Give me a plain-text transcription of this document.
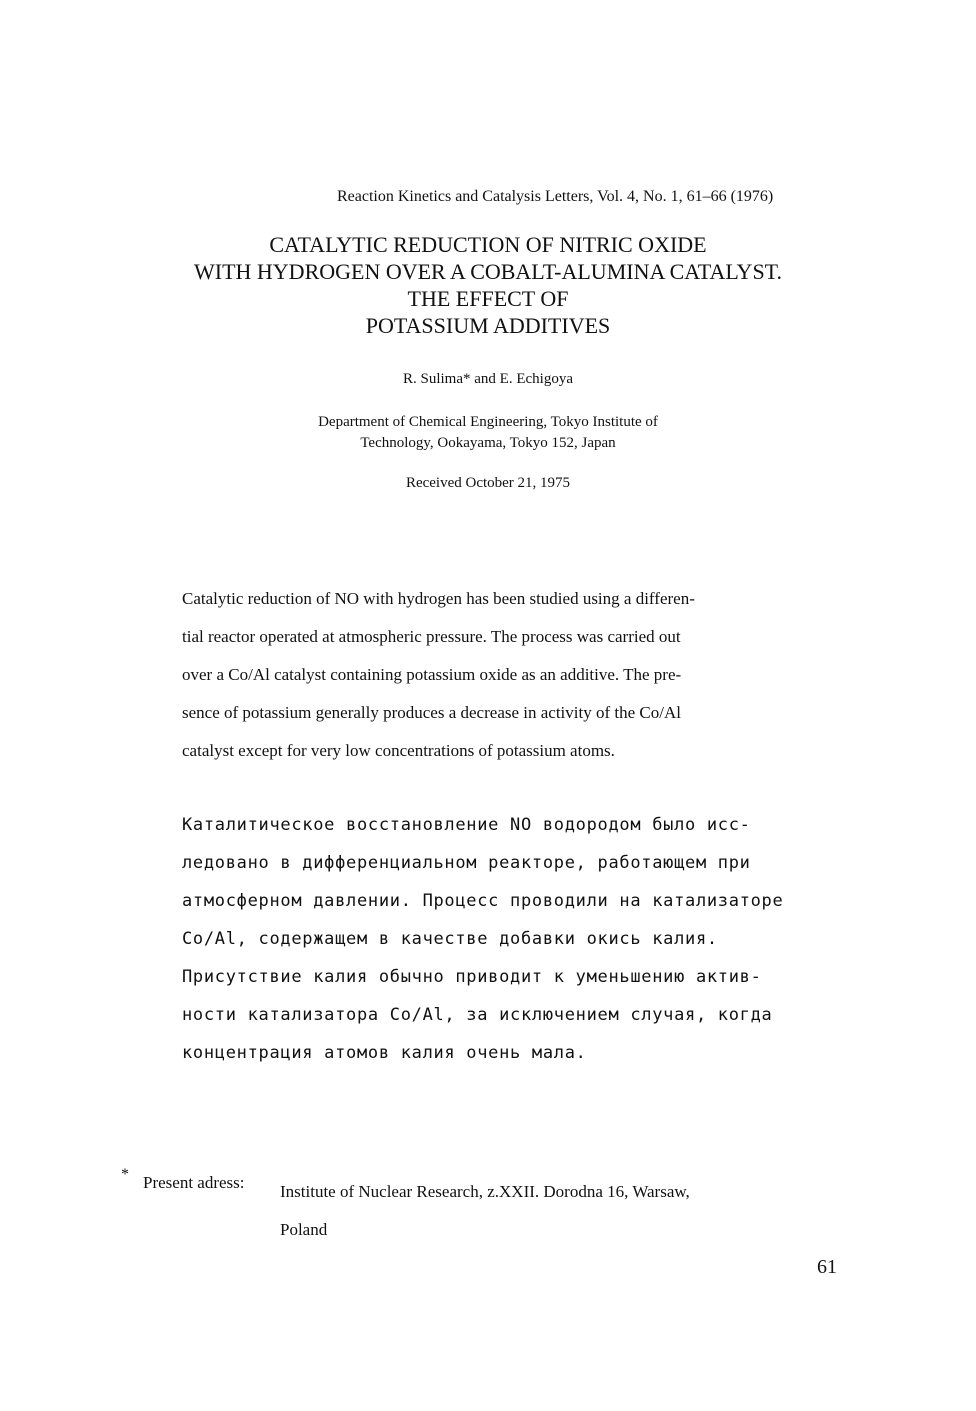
Reaction Kinetics and Catalysis Letters, Vol. 4, No. 1, 61–66 (1976)
CATALYTIC REDUCTION OF NITRIC OXIDE
WITH HYDROGEN OVER A COBALT-ALUMINA CATALYST.
THE EFFECT OF
POTASSIUM ADDITIVES
R. Sulima* and E. Echigoya
Department of Chemical Engineering, Tokyo Institute of
Technology, Ookayama, Tokyo 152, Japan
Received October 21, 1975
Catalytic reduction of NO with hydrogen has been studied using a differen-
tial reactor operated at atmospheric pressure. The process was carried out
over a Co/Al catalyst containing potassium oxide as an additive. The pre-
sence of potassium generally produces a decrease in activity of the Co/Al
catalyst except for very low concentrations of potassium atoms.
Каталитическое восстановление NO водородом было исс-
ледовано в дифференциальном реакторе, работающем при
атмосферном давлении. Процесс проводили на катализаторе
Co/Al, содержащем в качестве добавки окись калия.
Присутствие калия обычно приводит к уменьшению актив-
ности катализатора Co/Al, за исключением случая, когда
концентрация атомов калия очень мала.
* Present adress: Institute of Nuclear Research, z.XXII. Dorodna 16, Warsaw,
Poland
61
